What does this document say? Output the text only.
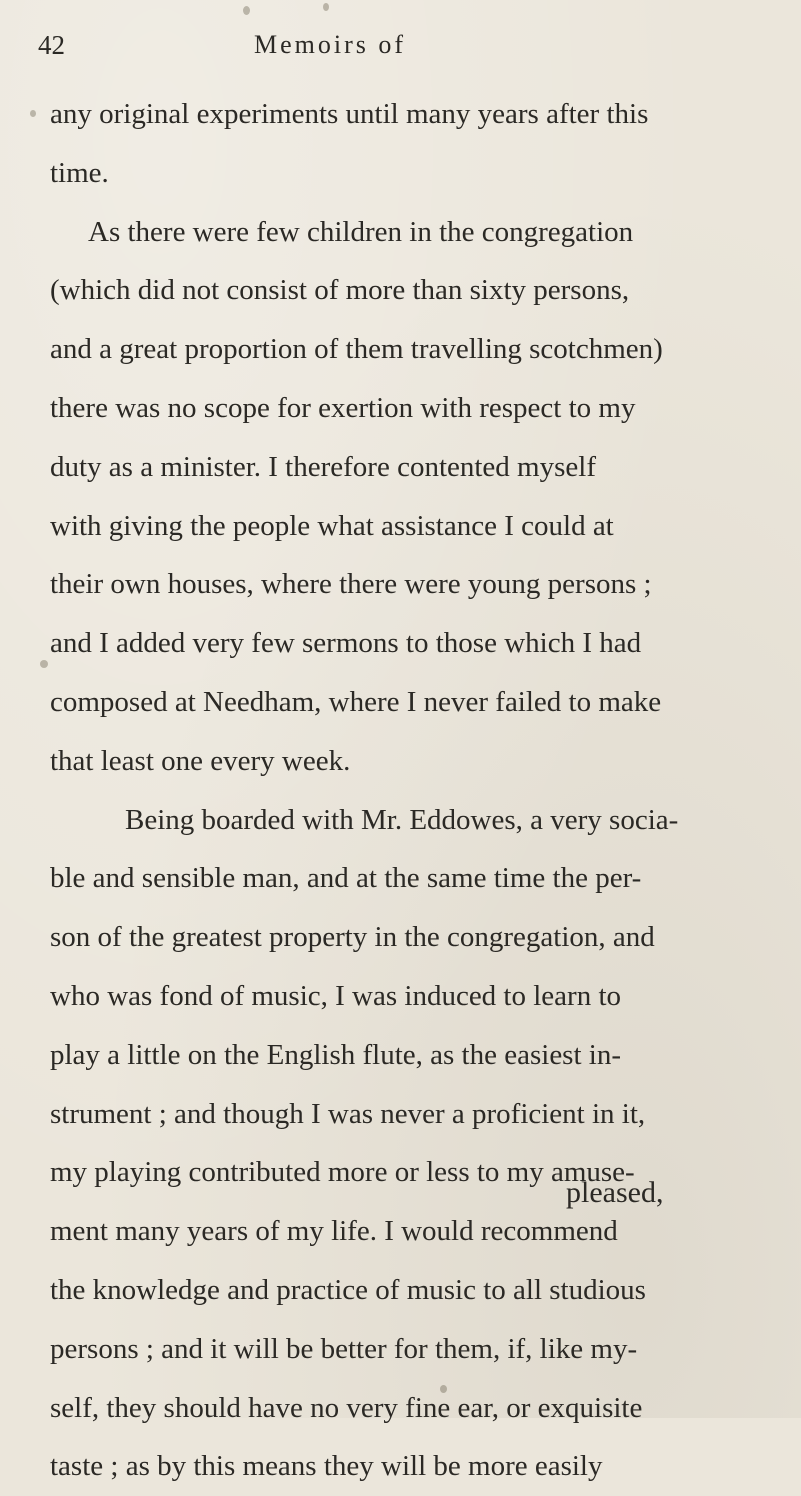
42	Memoirs of
any original experiments until many years after this
time.
As there were few children in the congregation
(which did not consist of more than sixty persons,
and a great proportion of them travelling scotchmen)
there was no scope for exertion with respect to my
duty as a minister. I therefore contented myself
with giving the people what assistance I could at
their own houses, where there were young persons ;
and I added very few sermons to those which I had
composed at Needham, where I never failed to make
that least one every week.
Being boarded with Mr. Eddowes, a very socia-
ble and sensible man, and at the same time the per-
son of the greatest property in the congregation, and
who was fond of music, I was induced to learn to
play a little on the English flute, as the easiest in-
strument ; and though I was never a proficient in it,
my playing contributed more or less to my amuse-
ment many years of my life. I would recommend
the knowledge and practice of music to all studious
persons ; and it will be better for them, if, like my-
self, they should have no very fine ear, or exquisite
taste ; as by this means they will be more easily
pleased,
